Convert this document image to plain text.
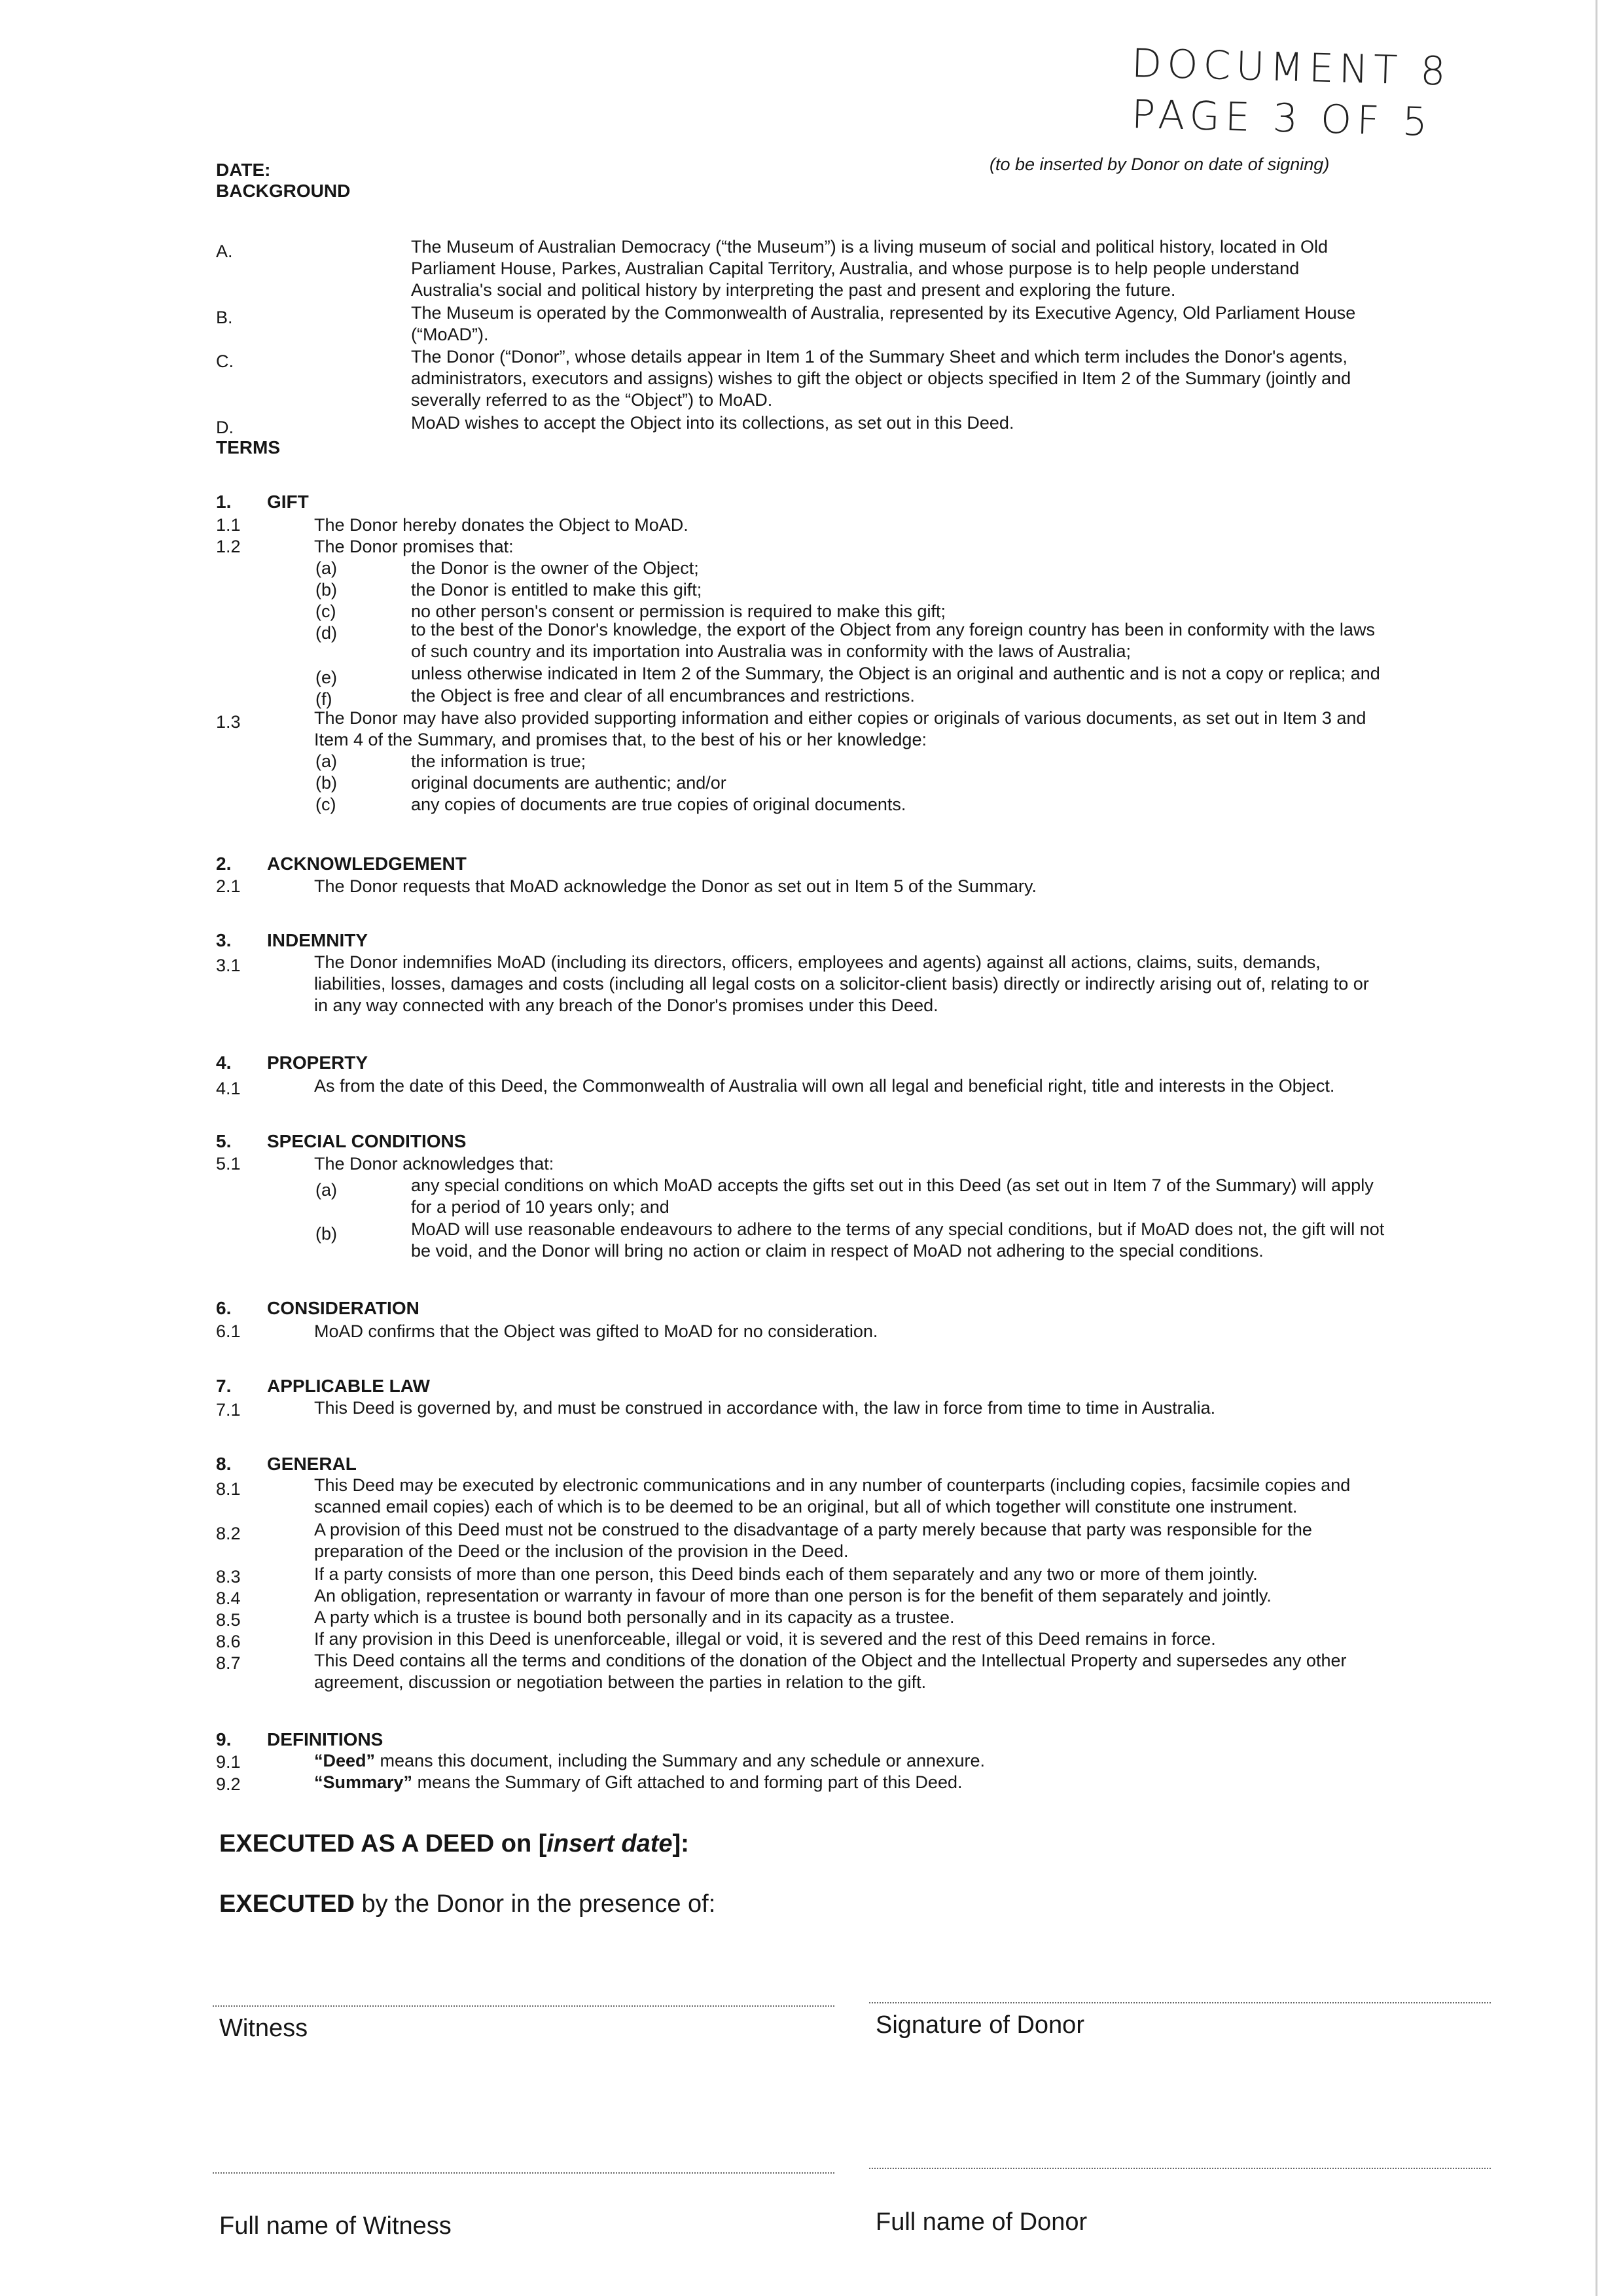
DOCUMENT 8
PAGE 3 OF 5
DATE:	(to be inserted by Donor on date of signing)
BACKGROUND
A.	The Museum of Australian Democracy (“the Museum”) is a living museum of social and political history, located in Old
Parliament House, Parkes, Australian Capital Territory, Australia, and whose purpose is to help people understand
Australia's social and political history by interpreting the past and present and exploring the future.
B.	The Museum is operated by the Commonwealth of Australia, represented by its Executive Agency, Old Parliament House
(“MoAD”).
C.	The Donor (“Donor”, whose details appear in Item 1 of the Summary Sheet and which term includes the Donor's agents,
administrators, executors and assigns) wishes to gift the object or objects specified in Item 2 of the Summary (jointly and
severally referred to as the “Object”) to MoAD.
D.	MoAD wishes to accept the Object into its collections, as set out in this Deed.
TERMS
1. GIFT
1.1	The Donor hereby donates the Object to MoAD.
1.2	The Donor promises that:
(a)	the Donor is the owner of the Object;
(b)	the Donor is entitled to make this gift;
(c)	no other person's consent or permission is required to make this gift;
(d)	to the best of the Donor's knowledge, the export of the Object from any foreign country has been in conformity with the laws
of such country and its importation into Australia was in conformity with the laws of Australia;
(e)	unless otherwise indicated in Item 2 of the Summary, the Object is an original and authentic and is not a copy or replica; and
(f)	the Object is free and clear of all encumbrances and restrictions.
1.3	The Donor may have also provided supporting information and either copies or originals of various documents, as set out in Item 3 and
Item 4 of the Summary, and promises that, to the best of his or her knowledge:
(a)	the information is true;
(b)	original documents are authentic; and/or
(c)	any copies of documents are true copies of original documents.
2. ACKNOWLEDGEMENT
2.1	The Donor requests that MoAD acknowledge the Donor as set out in Item 5 of the Summary.
3. INDEMNITY
3.1	The Donor indemnifies MoAD (including its directors, officers, employees and agents) against all actions, claims, suits, demands,
liabilities, losses, damages and costs (including all legal costs on a solicitor-client basis) directly or indirectly arising out of, relating to or
in any way connected with any breach of the Donor's promises under this Deed.
4. PROPERTY
4.1	As from the date of this Deed, the Commonwealth of Australia will own all legal and beneficial right, title and interests in the Object.
5. SPECIAL CONDITIONS
5.1	The Donor acknowledges that:
(a)	any special conditions on which MoAD accepts the gifts set out in this Deed (as set out in Item 7 of the Summary) will apply
for a period of 10 years only; and
(b)	MoAD will use reasonable endeavours to adhere to the terms of any special conditions, but if MoAD does not, the gift will not
be void, and the Donor will bring no action or claim in respect of MoAD not adhering to the special conditions.
6. CONSIDERATION
6.1	MoAD confirms that the Object was gifted to MoAD for no consideration.
7. APPLICABLE LAW
7.1	This Deed is governed by, and must be construed in accordance with, the law in force from time to time in Australia.
8. GENERAL
8.1	This Deed may be executed by electronic communications and in any number of counterparts (including copies, facsimile copies and
scanned email copies) each of which is to be deemed to be an original, but all of which together will constitute one instrument.
8.2	A provision of this Deed must not be construed to the disadvantage of a party merely because that party was responsible for the
preparation of the Deed or the inclusion of the provision in the Deed.
8.3	If a party consists of more than one person, this Deed binds each of them separately and any two or more of them jointly.
8.4	An obligation, representation or warranty in favour of more than one person is for the benefit of them separately and jointly.
8.5	A party which is a trustee is bound both personally and in its capacity as a trustee.
8.6	If any provision in this Deed is unenforceable, illegal or void, it is severed and the rest of this Deed remains in force.
8.7	This Deed contains all the terms and conditions of the donation of the Object and the Intellectual Property and supersedes any other
agreement, discussion or negotiation between the parties in relation to the gift.
9. DEFINITIONS
9.1	“Deed” means this document, including the Summary and any schedule or annexure.
9.2	“Summary” means the Summary of Gift attached to and forming part of this Deed.
EXECUTED AS A DEED on [insert date]:
EXECUTED by the Donor in the presence of:
Witness	Signature of Donor
Full name of Witness	Full name of Donor
